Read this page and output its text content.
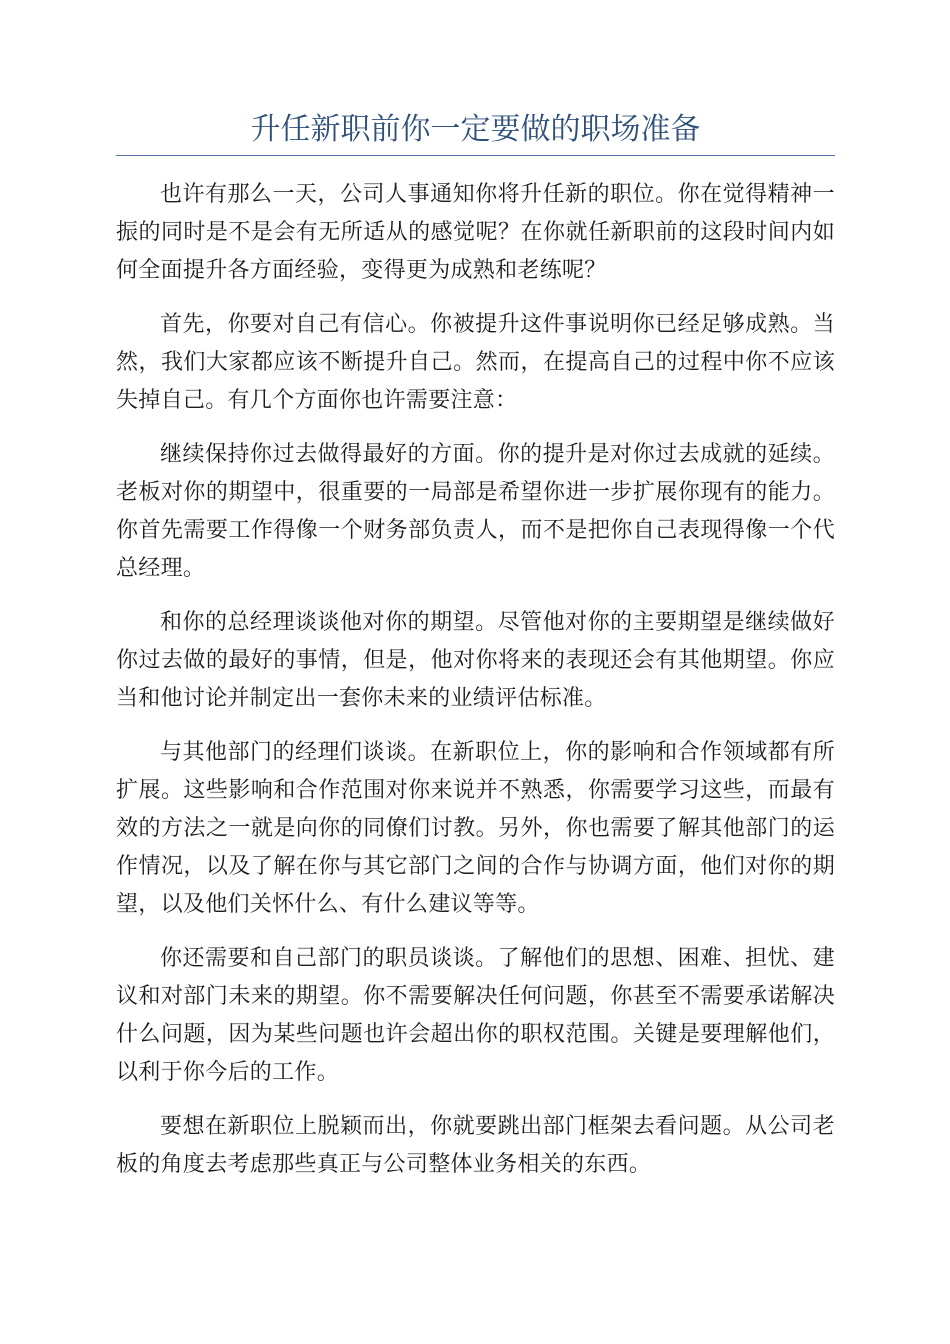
升任新职前你一定要做的职场准备

也许有那么一天，公司人事通知你将升任新的职位。你在觉得精神一振的同时是不是会有无所适从的感觉呢？在你就任新职前的这段时间内如何全面提升各方面经验，变得更为成熟和老练呢？

首先，你要对自己有信心。你被提升这件事说明你已经足够成熟。当然，我们大家都应该不断提升自己。然而，在提高自己的过程中你不应该失掉自己。有几个方面你也许需要注意：

继续保持你过去做得最好的方面。你的提升是对你过去成就的延续。老板对你的期望中，很重要的一局部是希望你进一步扩展你现有的能力。你首先需要工作得像一个财务部负责人，而不是把你自己表现得像一个代总经理。

和你的总经理谈谈他对你的期望。尽管他对你的主要期望是继续做好你过去做的最好的事情，但是，他对你将来的表现还会有其他期望。你应当和他讨论并制定出一套你未来的业绩评估标准。

与其他部门的经理们谈谈。在新职位上，你的影响和合作领域都有所扩展。这些影响和合作范围对你来说并不熟悉，你需要学习这些，而最有效的方法之一就是向你的同僚们讨教。另外，你也需要了解其他部门的运作情况，以及了解在你与其它部门之间的合作与协调方面，他们对你的期望，以及他们关怀什么、有什么建议等等。

你还需要和自己部门的职员谈谈。了解他们的思想、困难、担忧、建议和对部门未来的期望。你不需要解决任何问题，你甚至不需要承诺解决什么问题，因为某些问题也许会超出你的职权范围。关键是要理解他们，以利于你今后的工作。

要想在新职位上脱颖而出，你就要跳出部门框架去看问题。从公司老板的角度去考虑那些真正与公司整体业务相关的东西。
